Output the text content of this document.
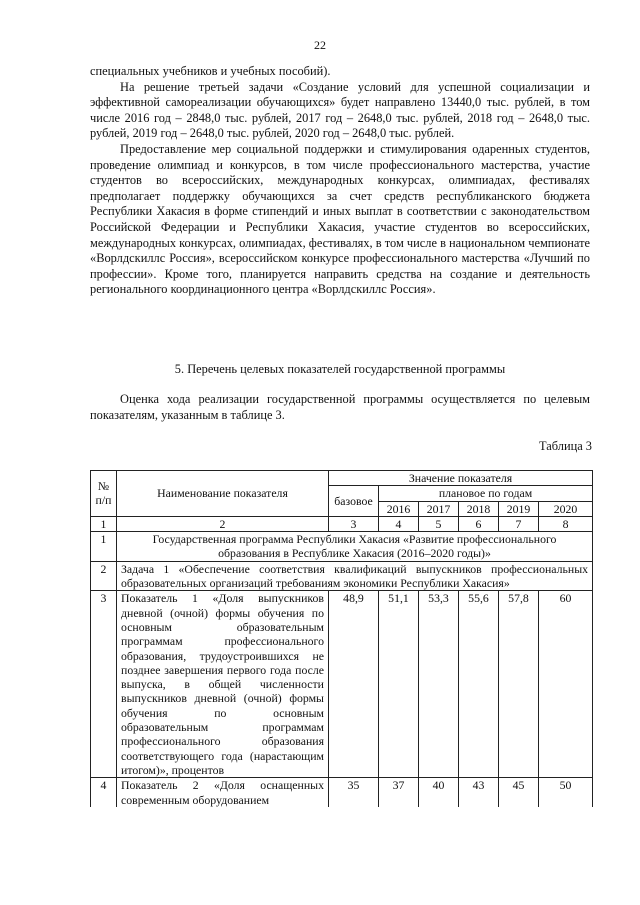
22

специальных учебников и учебных пособий).

На решение третьей задачи «Создание условий для успешной социализации и эффективной самореализации обучающихся» будет направлено 13440,0 тыс. рублей, в том числе 2016 год – 2848,0 тыс. рублей, 2017 год – 2648,0 тыс. рублей, 2018 год – 2648,0 тыс. рублей, 2019 год – 2648,0 тыс. рублей, 2020 год – 2648,0 тыс. рублей.

Предоставление мер социальной поддержки и стимулирования одаренных студентов, проведение олимпиад и конкурсов, в том числе профессионального мастерства, участие студентов во всероссийских, международных конкурсах, олимпиадах, фестивалях предполагает поддержку обучающихся за счет средств республиканского бюджета Республики Хакасия в форме стипендий и иных выплат в соответствии с законодательством Российской Федерации и Республики Хакасия, участие студентов во всероссийских, международных конкурсах, олимпиадах, фестивалях, в том числе в национальном чемпионате «Ворлдскиллс Россия», всероссийском конкурсе профессионального мастерства «Лучший по профессии». Кроме того, планируется направить средства на создание и деятельность регионального координационного центра «Ворлдскиллс Россия».

5. Перечень целевых показателей государственной программы

Оценка хода реализации государственной программы осуществляется по целевым показателям, указанным в таблице 3.

Таблица 3
№ п/п	Наименование показателя	Значение показателя					
		базовое	плановое по годам				
			2016	2017	2018	2019	2020
1	2	3	4	5	6	7	8
1	Государственная программа Республики Хакасия «Развитие профессионального образования в Республике Хакасия (2016–2020 годы)»						
2	Задача 1 «Обеспечение соответствия квалификаций выпускников профессиональных образовательных организаций требованиям экономики Республики Хакасия»						
3	Показатель 1 «Доля выпускников дневной (очной) формы обучения по основным образовательным программам профессионального образования, трудоустроившихся не позднее завершения первого года после выпуска, в общей численности выпускников дневной (очной) формы обучения по основным образовательным программам профессионального образования соответствующего года (нарастающим итогом)», процентов	48,9	51,1	53,3	55,6	57,8	60
4	Показатель 2 «Доля оснащенных современным оборудованием	35	37	40	43	45	50
